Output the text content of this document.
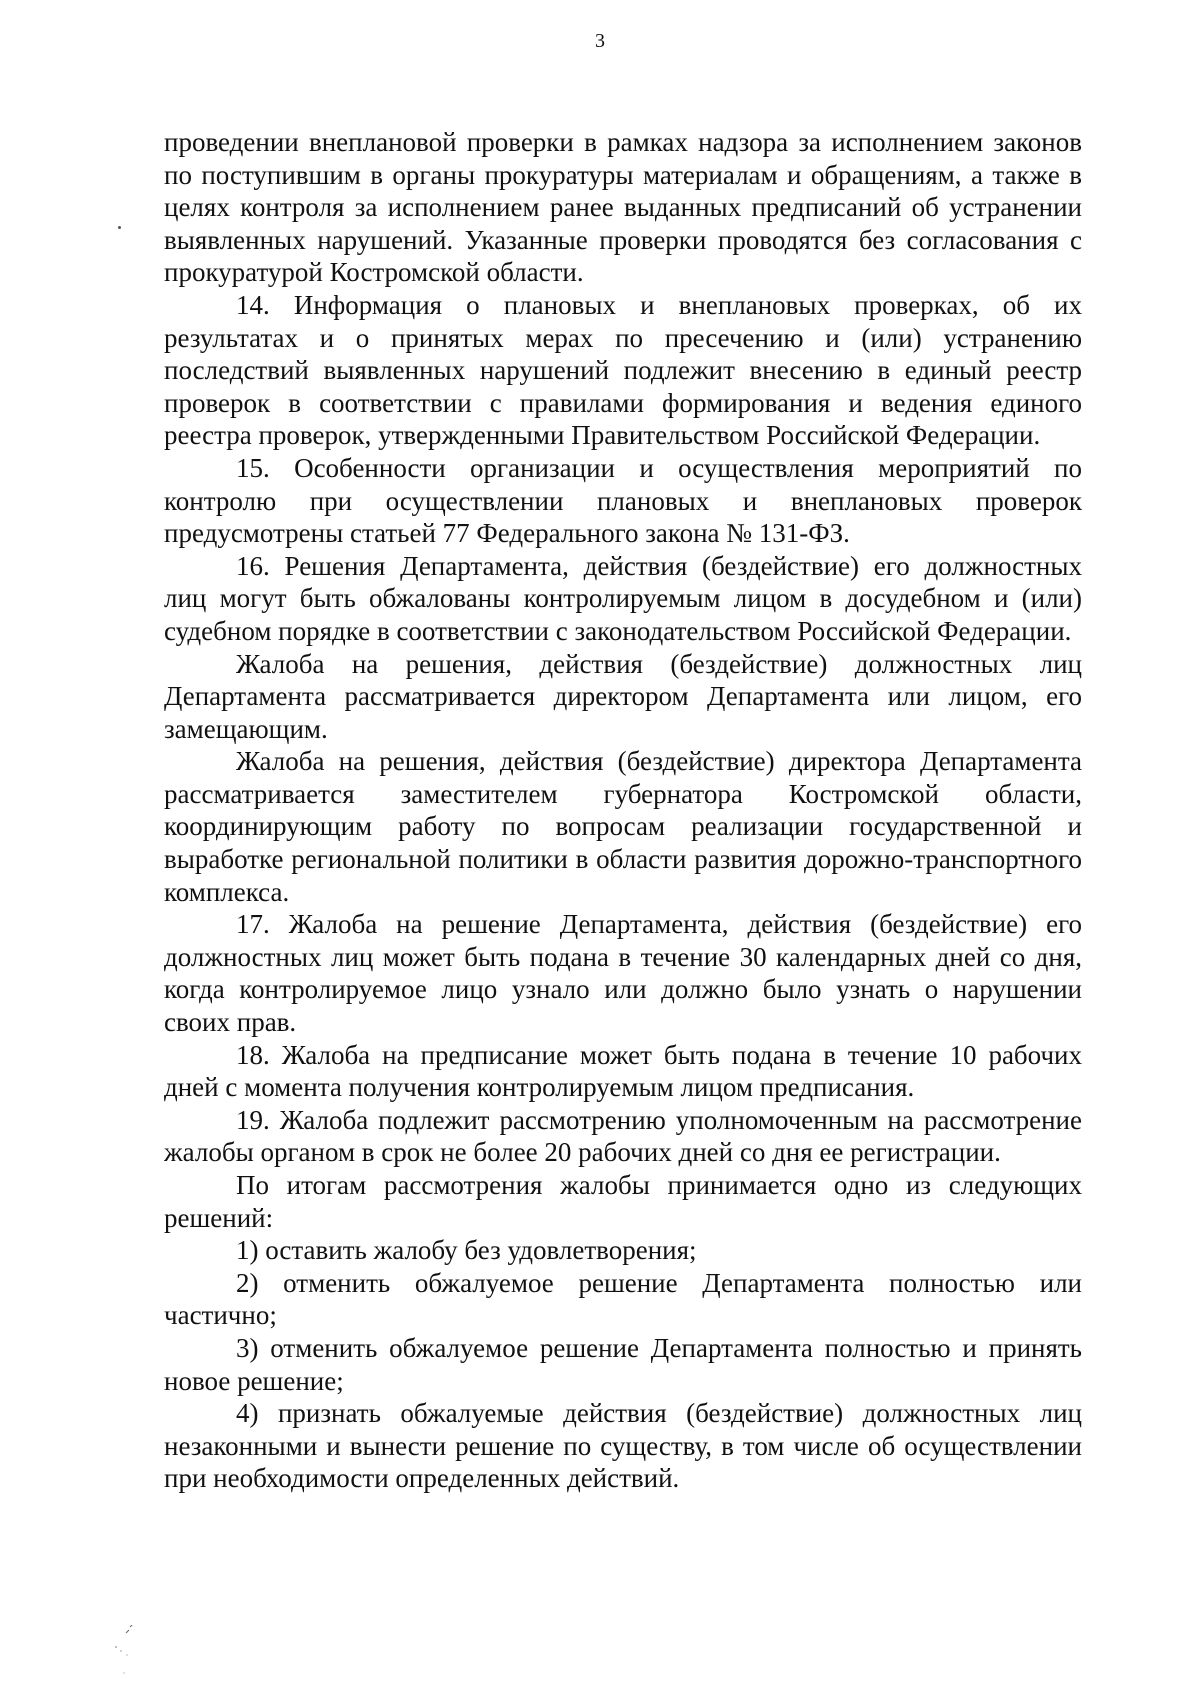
3

проведении внеплановой проверки в рамках надзора за исполнением законов по поступившим в органы прокуратуры материалам и обращениям, а также в целях контроля за исполнением ранее выданных предписаний об устранении выявленных нарушений. Указанные проверки проводятся без согласования с прокуратурой Костромской области.

14. Информация о плановых и внеплановых проверках, об их результатах и о принятых мерах по пресечению и (или) устранению последствий выявленных нарушений подлежит внесению в единый реестр проверок в соответствии с правилами формирования и ведения единого реестра проверок, утвержденными Правительством Российской Федерации.

15. Особенности организации и осуществления мероприятий по контролю при осуществлении плановых и внеплановых проверок предусмотрены статьей 77 Федерального закона № 131-ФЗ.

16. Решения Департамента, действия (бездействие) его должностных лиц могут быть обжалованы контролируемым лицом в досудебном и (или) судебном порядке в соответствии с законодательством Российской Федерации.

Жалоба на решения, действия (бездействие) должностных лиц Департамента рассматривается директором Департамента или лицом, его замещающим.

Жалоба на решения, действия (бездействие) директора Департамента рассматривается заместителем губернатора Костромской области, координирующим работу по вопросам реализации государственной и выработке региональной политики в области развития дорожно-транспортного комплекса.

17. Жалоба на решение Департамента, действия (бездействие) его должностных лиц может быть подана в течение 30 календарных дней со дня, когда контролируемое лицо узнало или должно было узнать о нарушении своих прав.

18. Жалоба на предписание может быть подана в течение 10 рабочих дней с момента получения контролируемым лицом предписания.

19. Жалоба подлежит рассмотрению уполномоченным на рассмотрение жалобы органом в срок не более 20 рабочих дней со дня ее регистрации.

По итогам рассмотрения жалобы принимается одно из следующих решений:

1) оставить жалобу без удовлетворения;

2) отменить обжалуемое решение Департамента полностью или частично;

3) отменить обжалуемое решение Департамента полностью и принять новое решение;

4) признать обжалуемые действия (бездействие) должностных лиц незаконными и вынести решение по существу, в том числе об осуществлении при необходимости определенных действий.
